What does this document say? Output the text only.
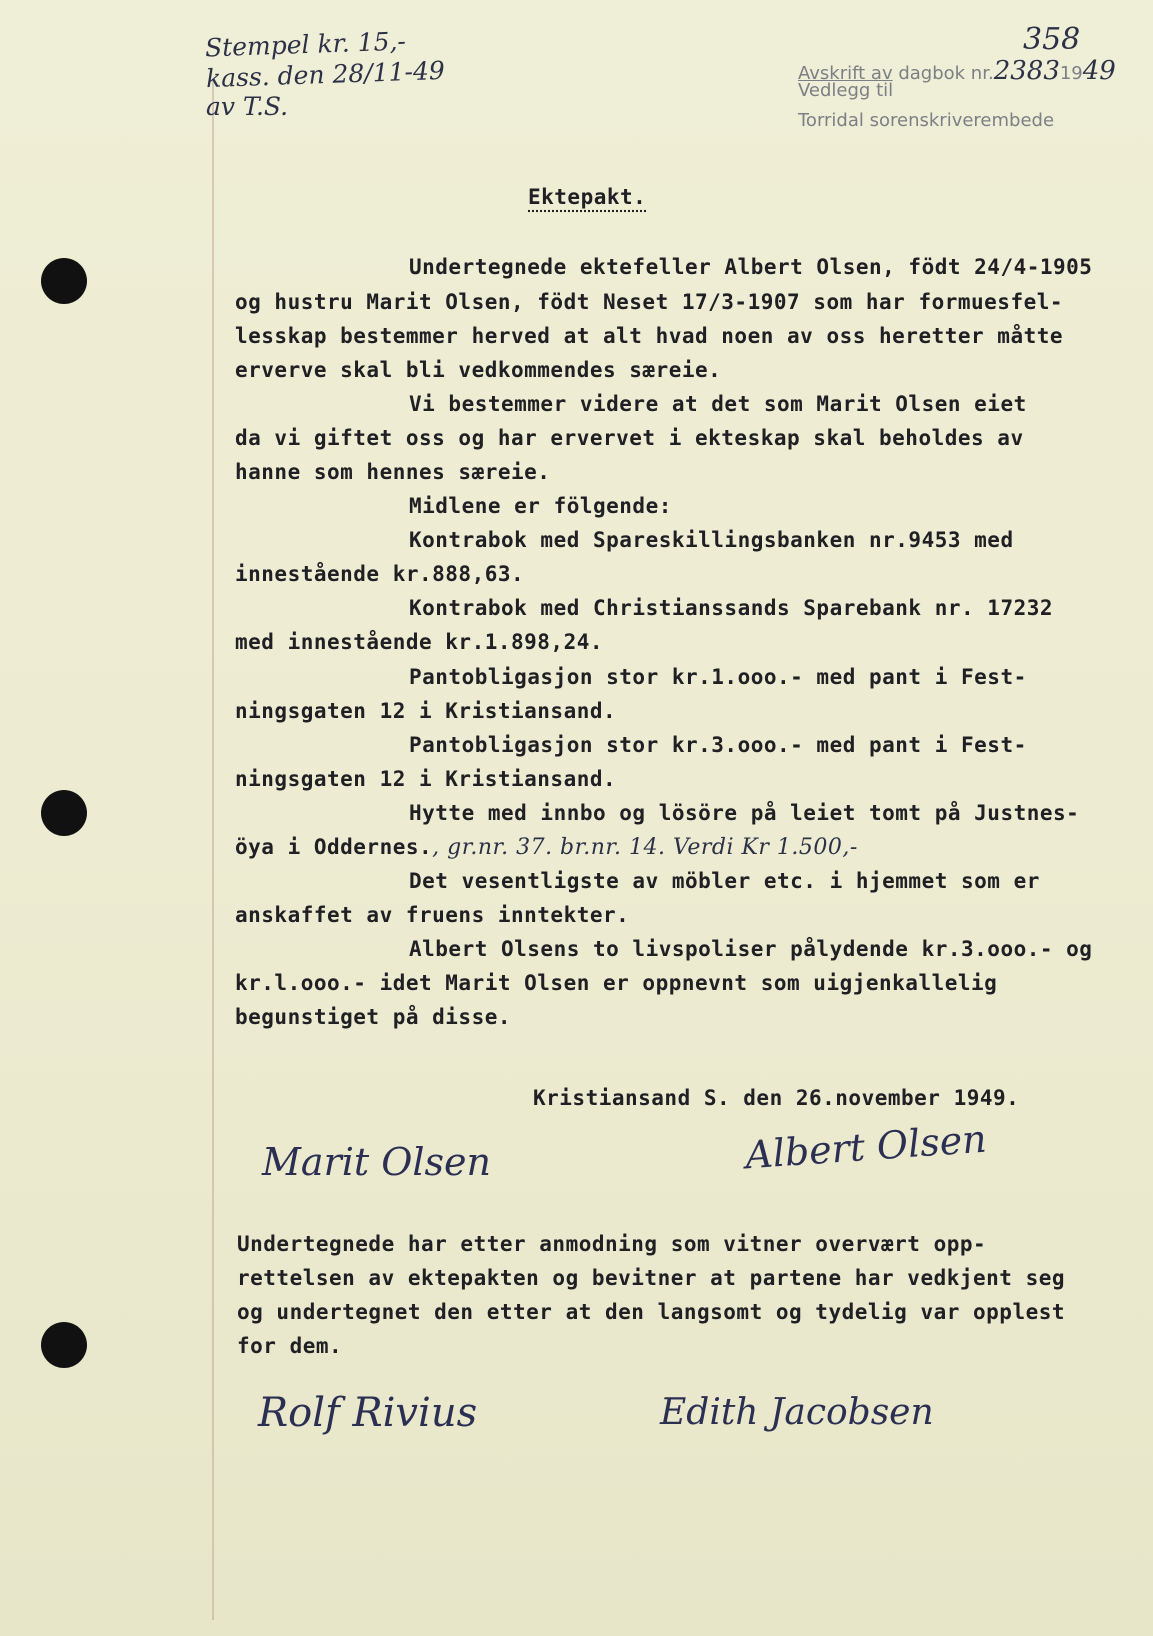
Stempel kr. 15,-
kass. den 28/11-49
av T.S.
358
Avskrift av dagbok nr.23831949
Vedlegg til
Torridal sorenskriverembede
Ektepakt.
Undertegnede ektefeller Albert Olsen, födt 24/4-1905
og hustru Marit Olsen, födt Neset 17/3-1907 som har formuesfel-
lesskap bestemmer herved at alt hvad noen av oss heretter måtte
erverve skal bli vedkommendes særeie.
Vi bestemmer videre at det som Marit Olsen eiet
da vi giftet oss og har ervervet i ekteskap skal beholdes av
hanne som hennes særeie.
Midlene er fölgende:
Kontrabok med Spareskillingsbanken nr.9453 med
innestående kr.888,63.
Kontrabok med Christianssands Sparebank nr. 17232
med innestående kr.1.898,24.
Pantobligasjon stor kr.1.ooo.- med pant i Fest-
ningsgaten 12 i Kristiansand.
Pantobligasjon stor kr.3.ooo.- med pant i Fest-
ningsgaten 12 i Kristiansand.
Hytte med innbo og lösöre på leiet tomt på Justnes-
öya i Oddernes., gr.nr. 37. br.nr. 14. Verdi Kr 1.500,-
Det vesentligste av möbler etc. i hjemmet som er
anskaffet av fruens inntekter.
Albert Olsens to livspoliser pålydende kr.3.ooo.- og
kr.l.ooo.- idet Marit Olsen er oppnevnt som uigjenkallelig
begunstiget på disse.
Kristiansand S. den 26.november 1949.
Marit Olsen	Albert Olsen
Undertegnede har etter anmodning som vitner overvært opp-
rettelsen av ektepakten og bevitner at partene har vedkjent seg
og undertegnet den etter at den langsomt og tydelig var opplest
for dem.
Rolf Rivius	Edith Jacobsen
